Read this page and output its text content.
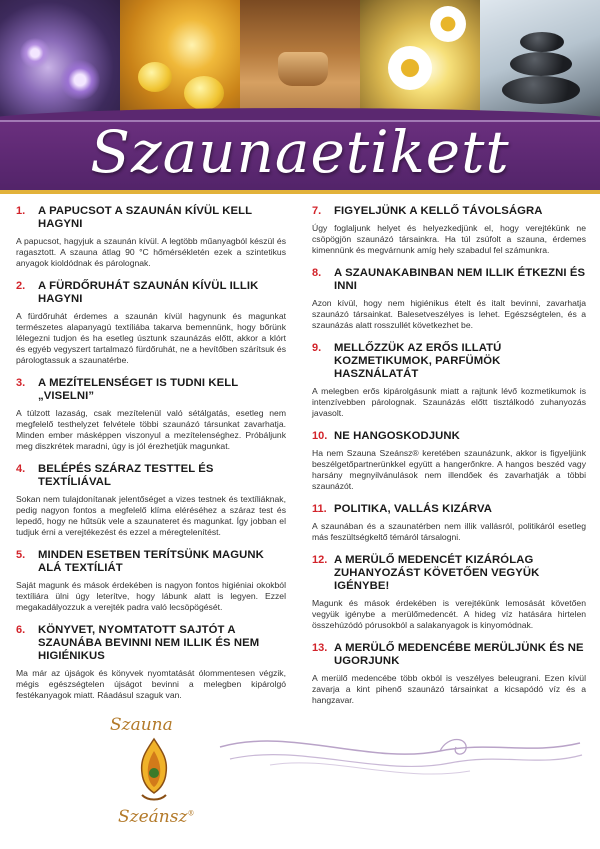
Szaunaetikett
1.	A PAPUCSOT A SZAUNÁN KÍVÜL KELL HAGYNI
A papucsot, hagyjuk a szaunán kívül. A legtöbb műanyagból készül és ragasztott. A szauna átlag 90 °C hőmérsékletén ezek a szintetikus anyagok kioldódnak és párolognak.
2.	A FÜRDŐRUHÁT SZAUNÁN KÍVÜL ILLIK HAGYNI
A fürdőruhát érdemes a szaunán kívül hagynunk és magunkat természetes alapanyagú textíliába takarva bemennünk, hogy bőrünk lélegezni tudjon és ha esetleg úsztunk szaunázás előtt, akkor a klórt és egyéb vegyszert tartalmazó fürdőruhát, ne a hevítőben szárítsuk és párologtassuk a szaunatérbe.
3.	A MEZÍTELENSÉGET IS TUDNI KELL „VISELNI”
A túlzott lazaság, csak mezítelenül való sétálgatás, esetleg nem megfelelő testhelyzet felvétele többi szaunázó társunkat zavarhatja. Minden ember másképpen viszonyul a mezítelenséghez. Próbáljunk meg diszkrétek maradni, úgy is jól érezhetjük magunkat.
4.	BELÉPÉS SZÁRAZ TESTTEL ÉS TEXTÍLIÁVAL
Sokan nem tulajdonítanak jelentőséget a vizes testnek és textíliáknak, pedig nagyon fontos a megfelelő klíma eléréséhez a száraz test és lepedő, hogy ne hűtsük vele a szaunateret és magunkat. Így jobban el tudjuk érni a verejtékezést és ezzel a méregtelenítést.
5.	MINDEN ESETBEN TERÍTSÜNK MAGUNK ALÁ TEXTÍLIÁT
Saját magunk és mások érdekében is nagyon fontos higiéniai okokból textíliára ülni úgy leterítve, hogy lábunk alatt is legyen. Ezzel megakadályozzuk a verejték padra való lecsöpögését.
6.	KÖNYVET, NYOMTATOTT SAJTÓT A SZAUNÁBA BEVINNI NEM ILLIK ÉS NEM HIGIÉNIKUS
Ma már az újságok és könyvek nyomtatását ólommentesen végzik, mégis egészségtelen újságot bevinni a melegben kipárolgó festékanyagok miatt. Ráadásul szaguk van.
7.	FIGYELJÜNK A KELLŐ TÁVOLSÁGRA
Úgy foglaljunk helyet és helyezkedjünk el, hogy verejtékünk ne csöpögjön szaunázó társainkra. Ha túl zsúfolt a szauna, érdemes kimennünk és megvárnunk amíg hely szabadul fel számunkra.
8.	A SZAUNAKABINBAN NEM ILLIK ÉTKEZNI ÉS INNI
Azon kívül, hogy nem higiénikus ételt és italt bevinni, zavarhatja szaunázó társainkat. Balesetveszélyes is lehet. Egészségtelen, és a szaunázás alatt rosszullét következhet be.
9.	MELLŐZZÜK AZ ERŐS ILLATÚ KOZMETIKUMOK, PARFÜMÖK HASZNÁLATÁT
A melegben erős kipárolgásunk miatt a rajtunk lévő kozmetikumok is intenzívebben párolognak. Szaunázás előtt tisztálkodó zuhanyozás javasolt.
10. NE HANGOSKODJUNK
Ha nem Szauna Szeánsz® keretében szaunázunk, akkor is figyeljünk beszélgetőpartnerünkkel együtt a hangerőnkre. A hangos beszéd vagy harsány megnyilvánulások nem illendőek és zavarhatják a többi szaunázót.
11. POLITIKA, VALLÁS KIZÁRVA
A szaunában és a szaunatérben nem illik vallásról, politikáról esetleg más feszültségkeltő témáról társalogni.
12. A MERÜLŐ MEDENCÉT KIZÁRÓLAG ZUHANYOZÁST KÖVETŐEN VEGYÜK IGÉNYBE!
Magunk és mások érdekében is verejtékünk lemosását követően vegyük igénybe a merülőmedencét. A hideg víz hatására hirtelen összehúzódó pórusokból a salakanyagok is kinyomódnak.
13. A MERÜLŐ MEDENCÉBE MERÜLJÜNK ÉS NE UGORJUNK
A merülő medencébe több okból is veszélyes beleugrani. Ezen kívül zavarja a kint pihenő szaunázó társainkat a kicsapódó víz és a hangzavar.
Szauna
Szeánsz®
